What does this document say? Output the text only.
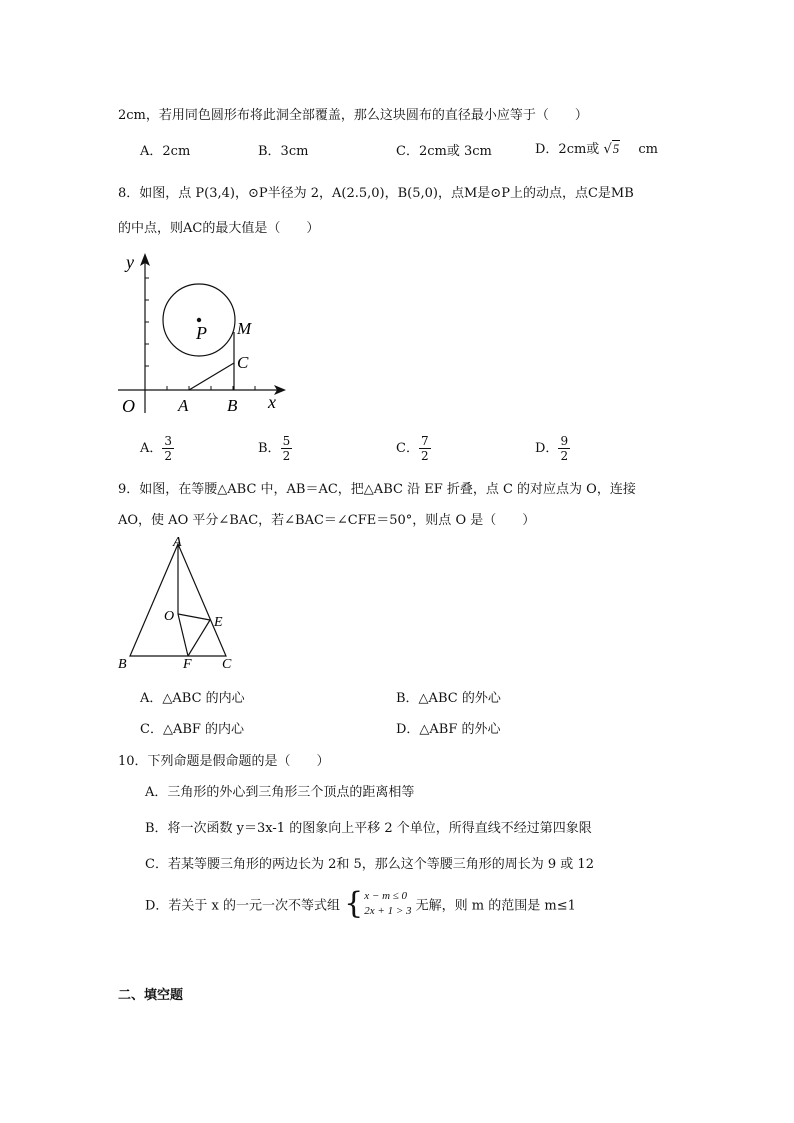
2cm，若用同色圆形布将此洞全部覆盖，那么这块圆布的直径最小应等于（　　）
A．2cm	B．3cm	C．2cm或 3cm	D．2cm或 √5 cm
8．如图，点 P(3,4)，⊙P半径为 2，A(2.5,0)，B(5,0)，点M是⊙P上的动点，点C是MB
的中点，则AC的最大值是（　　）
y
x
O	A B
P M
C
A． $\frac{3}{2}$	B． $\frac{5}{2}$	C． $\frac{7}{2}$	D． $\frac{9}{2}$
9．如图，在等腰△ABC 中，AB＝AC，把△ABC 沿 EF 折叠，点 C 的对应点为 O，连接
AO，使 AO 平分∠BAC，若∠BAC＝∠CFE＝50°，则点 O 是（　　）
A
O	E
B	F C
A．△ABC 的内心	B．△ABC 的外心
C．△ABF 的内心	D．△ABF 的外心
10．下列命题是假命题的是（　　）
A．三角形的外心到三角形三个顶点的距离相等
B．将一次函数 y＝3x-1 的图象向上平移 2 个单位，所得直线不经过第四象限
C．若某等腰三角形的两边长为 2和 5，那么这个等腰三角形的周长为 9 或 12
D．若关于 x 的一元一次不等式组 { x − m ≤ 0
2x + 1 > 3 无解，则 m 的范围是 m≤1
二、填空题
